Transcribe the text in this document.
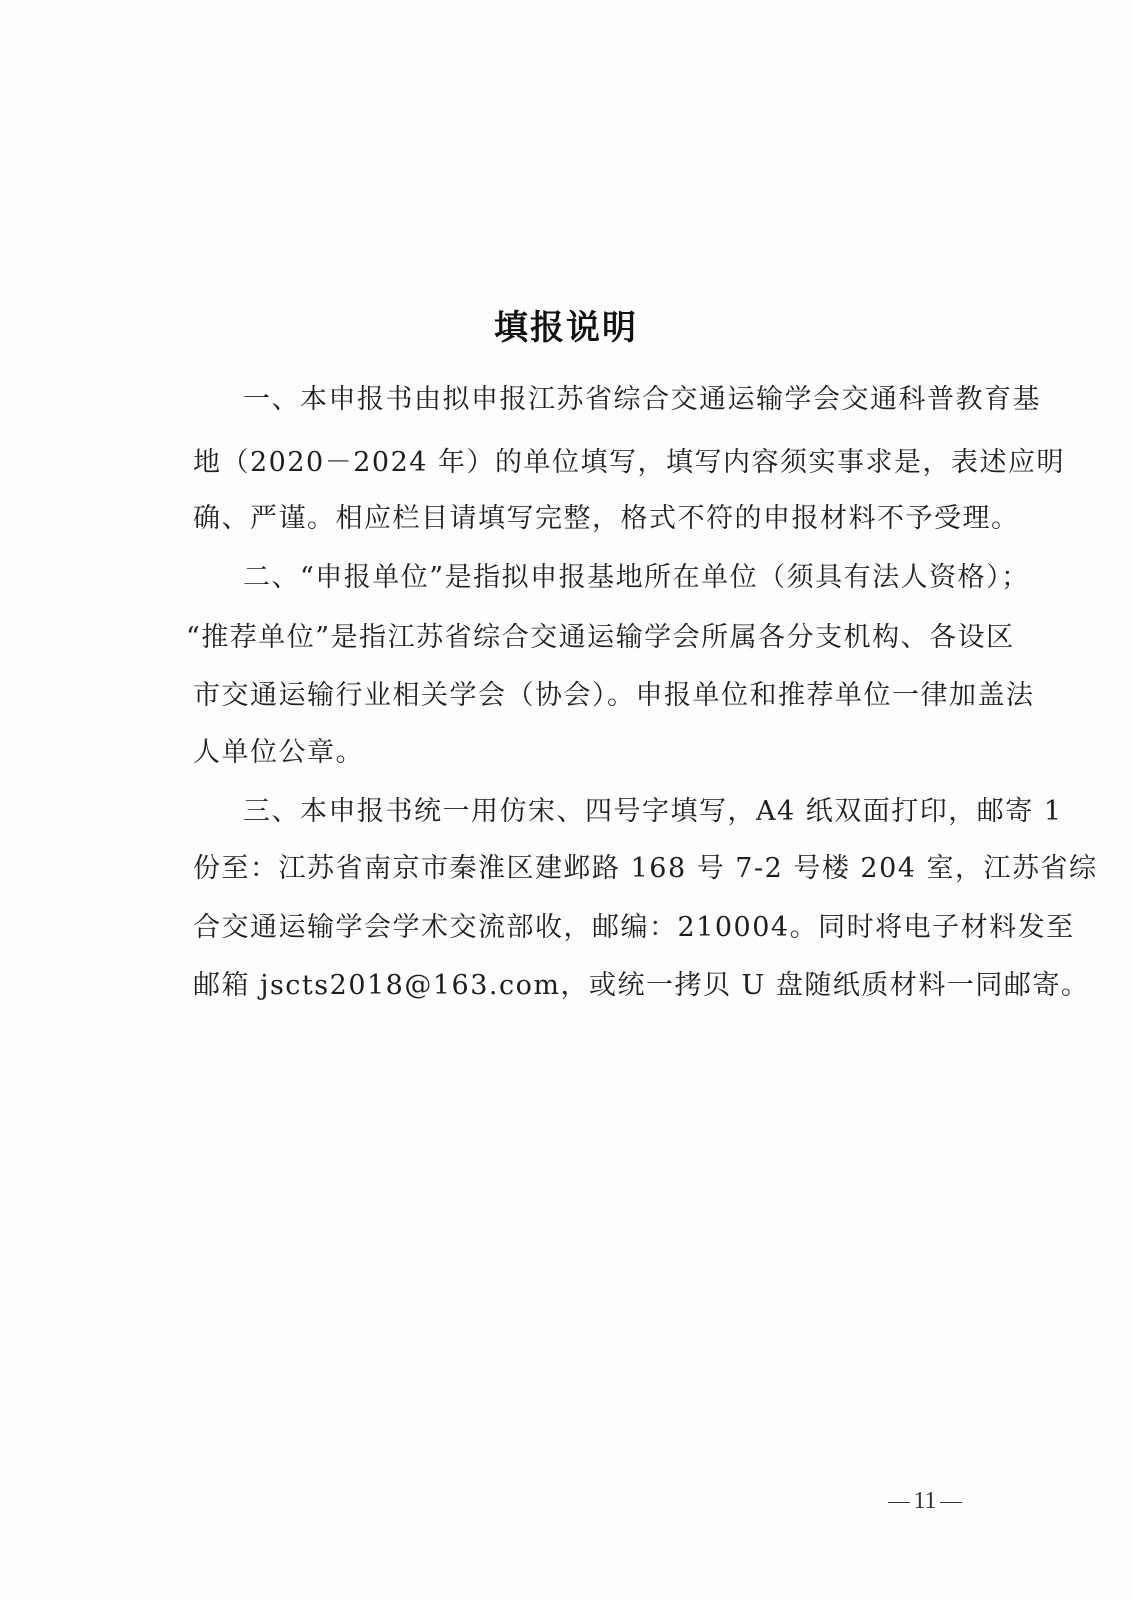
填报说明
一、本申报书由拟申报江苏省综合交通运输学会交通科普教育基
地（2020－2024 年）的单位填写，填写内容须实事求是，表述应明
确、严谨。相应栏目请填写完整，格式不符的申报材料不予受理。
二、“申报单位”是指拟申报基地所在单位（须具有法人资格）；
“推荐单位”是指江苏省综合交通运输学会所属各分支机构、各设区
市交通运输行业相关学会（协会）。申报单位和推荐单位一律加盖法
人单位公章。
三、本申报书统一用仿宋、四号字填写，A4 纸双面打印，邮寄 1
份至：江苏省南京市秦淮区建邺路 168 号 7-2 号楼 204 室，江苏省综
合交通运输学会学术交流部收，邮编：210004。同时将电子材料发至
邮箱 jscts2018@163.com，或统一拷贝 U 盘随纸质材料一同邮寄。
11
